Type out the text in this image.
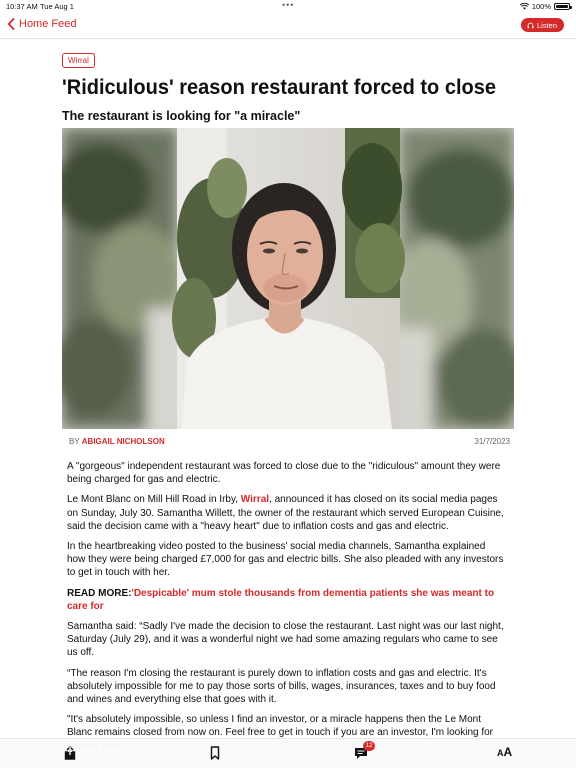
10:37 AM Tue Aug 1	•••	100%
Home Feed	Listen
Wirral
'Ridiculous' reason restaurant forced to close
The restaurant is looking for "a miracle"
BY ABIGAIL NICHOLSON	31/7/2023

A "gorgeous" independent restaurant was forced to close due to the "ridiculous" amount they were being charged for gas and electric.

Le Mont Blanc on Mill Hill Road in Irby, Wirral, announced it has closed on its social media pages on Sunday, July 30. Samantha Willett, the owner of the restaurant which served European Cuisine, said the decision came with a "heavy heart" due to inflation costs and gas and electric.

In the heartbreaking video posted to the business' social media channels, Samantha explained how they were being charged £7,000 for gas and electric bills. She also pleaded with any investors to get in touch with her.

READ MORE:'Despicable' mum stole thousands from dementia patients she was meant to care for

Samantha said: “Sadly I've made the decision to close the restaurant. Last night was our last night, Saturday (July 29), and it was a wonderful night we had some amazing regulars who came to see us off.

“The reason I'm closing the restaurant is purely down to inflation costs and gas and electric. It's absolutely impossible for me to pay those sorts of bills, wages, insurances, taxes and to buy food and wines and everything else that goes with it.

"It's absolutely impossible, so unless I find an investor, or a miracle happens then the Le Mont Blanc remains closed from now on. Feel free to get in touch if you are an investor, I'm looking for

12
AA
